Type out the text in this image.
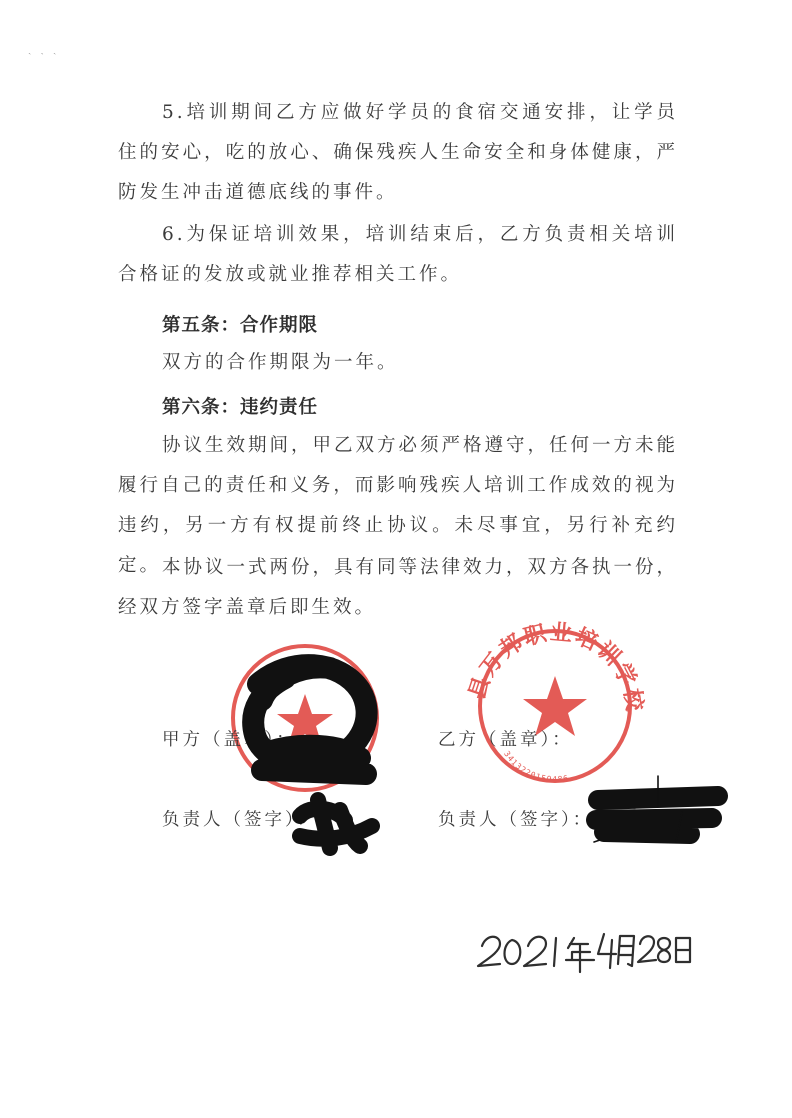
ˎ ˏ ˎ

5.培训期间乙方应做好学员的食宿交通安排，让学员住的安心，吃的放心、确保残疾人生命安全和身体健康，严防发生冲击道德底线的事件。

6.为保证培训效果，培训结束后，乙方负责相关培训合格证的发放或就业推荐相关工作。

第五条：合作期限

双方的合作期限为一年。

第六条：违约责任

协议生效期间，甲乙双方必须严格遵守，任何一方未能履行自己的责任和义务，而影响残疾人培训工作成效的视为违约，另一方有权提前终止协议。未尽事宜，另行补充约定。 本协议一式两份，具有同等法律效力，双方各执一份，经双方签字盖章后即生效。

县万邦职业培训学校
3413220159486
甲方（盖章）：	乙方（盖章）：
负责人（签字）：	负责人（签字）：
